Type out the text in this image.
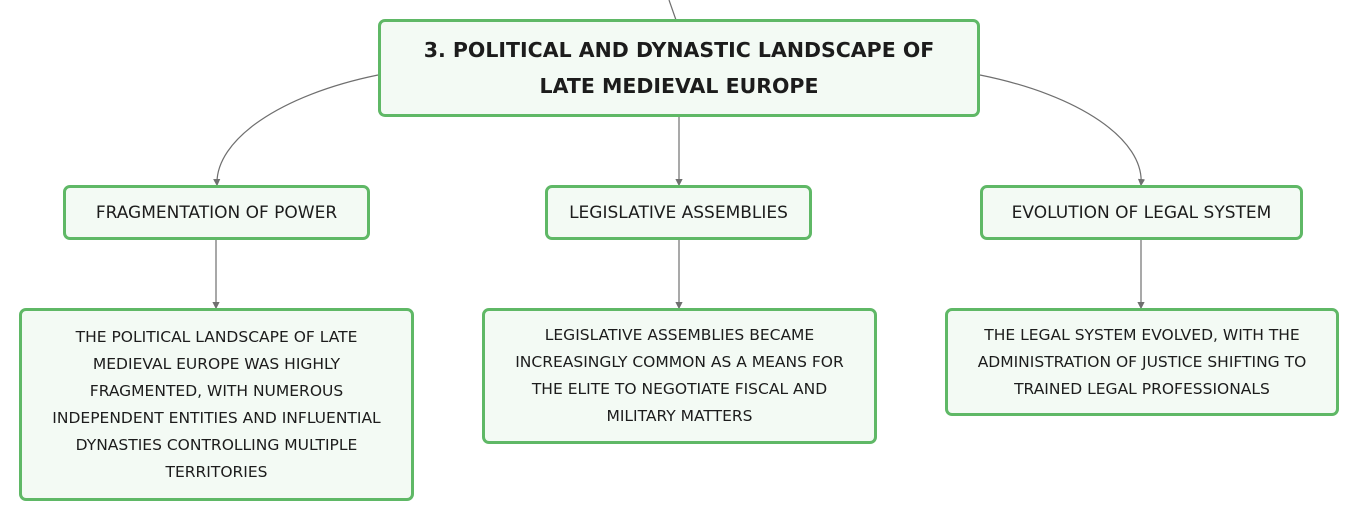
3. POLITICAL AND DYNASTIC LANDSCAPE OF LATE MEDIEVAL EUROPE
FRAGMENTATION OF POWER	LEGISLATIVE ASSEMBLIES	EVOLUTION OF LEGAL SYSTEM
THE POLITICAL LANDSCAPE OF LATE MEDIEVAL EUROPE WAS HIGHLY FRAGMENTED, WITH NUMEROUS INDEPENDENT ENTITIES AND INFLUENTIAL DYNASTIES CONTROLLING MULTIPLE TERRITORIES
LEGISLATIVE ASSEMBLIES BECAME INCREASINGLY COMMON AS A MEANS FOR THE ELITE TO NEGOTIATE FISCAL AND MILITARY MATTERS
THE LEGAL SYSTEM EVOLVED, WITH THE ADMINISTRATION OF JUSTICE SHIFTING TO TRAINED LEGAL PROFESSIONALS
